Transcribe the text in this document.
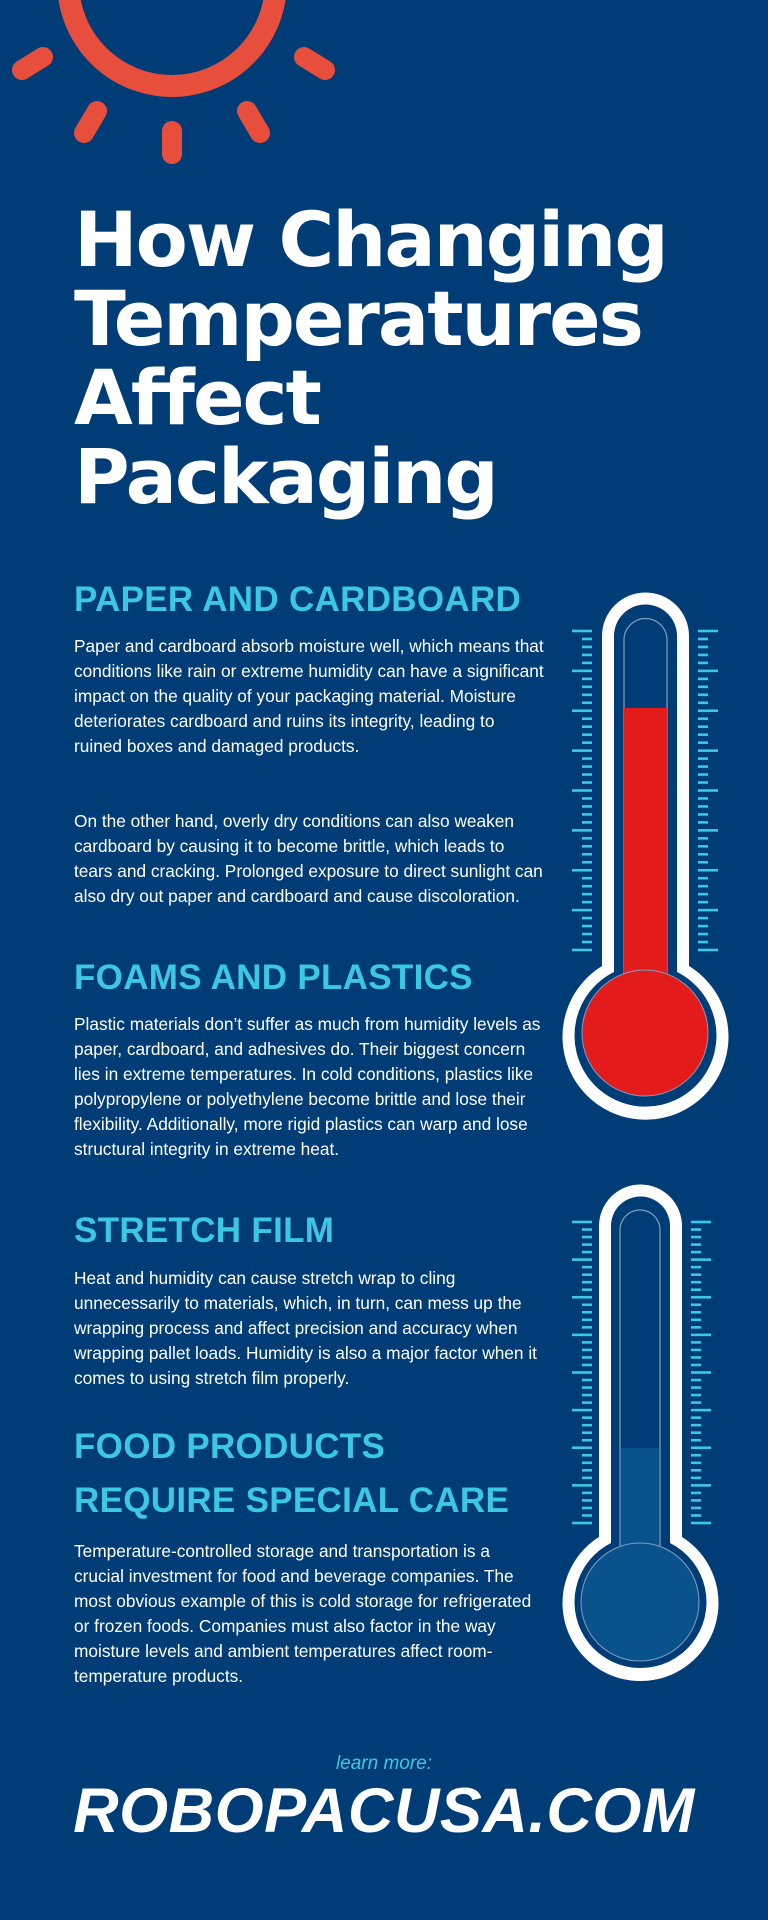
How Changing
Temperatures
Affect
Packaging
PAPER AND CARDBOARD

Paper and cardboard absorb moisture well, which means that conditions like rain or extreme humidity can have a significant impact on the quality of your packaging material. Moisture deteriorates cardboard and ruins its integrity, leading to ruined boxes and damaged products.

On the other hand, overly dry conditions can also weaken cardboard by causing it to become brittle, which leads to tears and cracking. Prolonged exposure to direct sunlight can also dry out paper and cardboard and cause discoloration.

FOAMS AND PLASTICS

Plastic materials don’t suffer as much from humidity levels as paper, cardboard, and adhesives do. Their biggest concern lies in extreme temperatures. In cold conditions, plastics like polypropylene or polyethylene become brittle and lose their flexibility. Additionally, more rigid plastics can warp and lose structural integrity in extreme heat.

STRETCH FILM

Heat and humidity can cause stretch wrap to cling unnecessarily to materials, which, in turn, can mess up the wrapping process and affect precision and accuracy when wrapping pallet loads. Humidity is also a major factor when it comes to using stretch film properly.

FOOD PRODUCTS
REQUIRE SPECIAL CARE

Temperature-controlled storage and transportation is a crucial investment for food and beverage companies. The most obvious example of this is cold storage for refrigerated or frozen foods. Companies must also factor in the way moisture levels and ambient temperatures affect room-temperature products.

learn more:
ROBOPACUSA.COM
